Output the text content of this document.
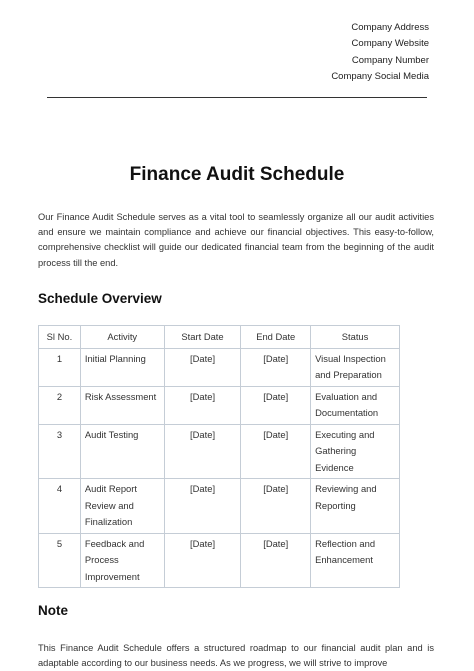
Company Address
Company Website
Company Number
Company Social Media
Finance Audit Schedule

Our Finance Audit Schedule serves as a vital tool to seamlessly organize all our audit activities and ensure we maintain compliance and achieve our financial objectives. This easy-to-follow, comprehensive checklist will guide our dedicated financial team from the beginning of the audit process till the end.

Schedule Overview
Sl No.	Activity	Start Date	End Date	Status
1	Initial Planning	[Date]	[Date]	Visual Inspection and Preparation
2	Risk Assessment	[Date]	[Date]	Evaluation and Documentation
3	Audit Testing	[Date]	[Date]	Executing and Gathering Evidence
4	Audit Report Review and Finalization	[Date]	[Date]	Reviewing and Reporting
5	Feedback and Process Improvement	[Date]	[Date]	Reflection and Enhancement
Note

This Finance Audit Schedule offers a structured roadmap to our financial audit plan and is adaptable according to our business needs. As we progress, we will strive to improve
